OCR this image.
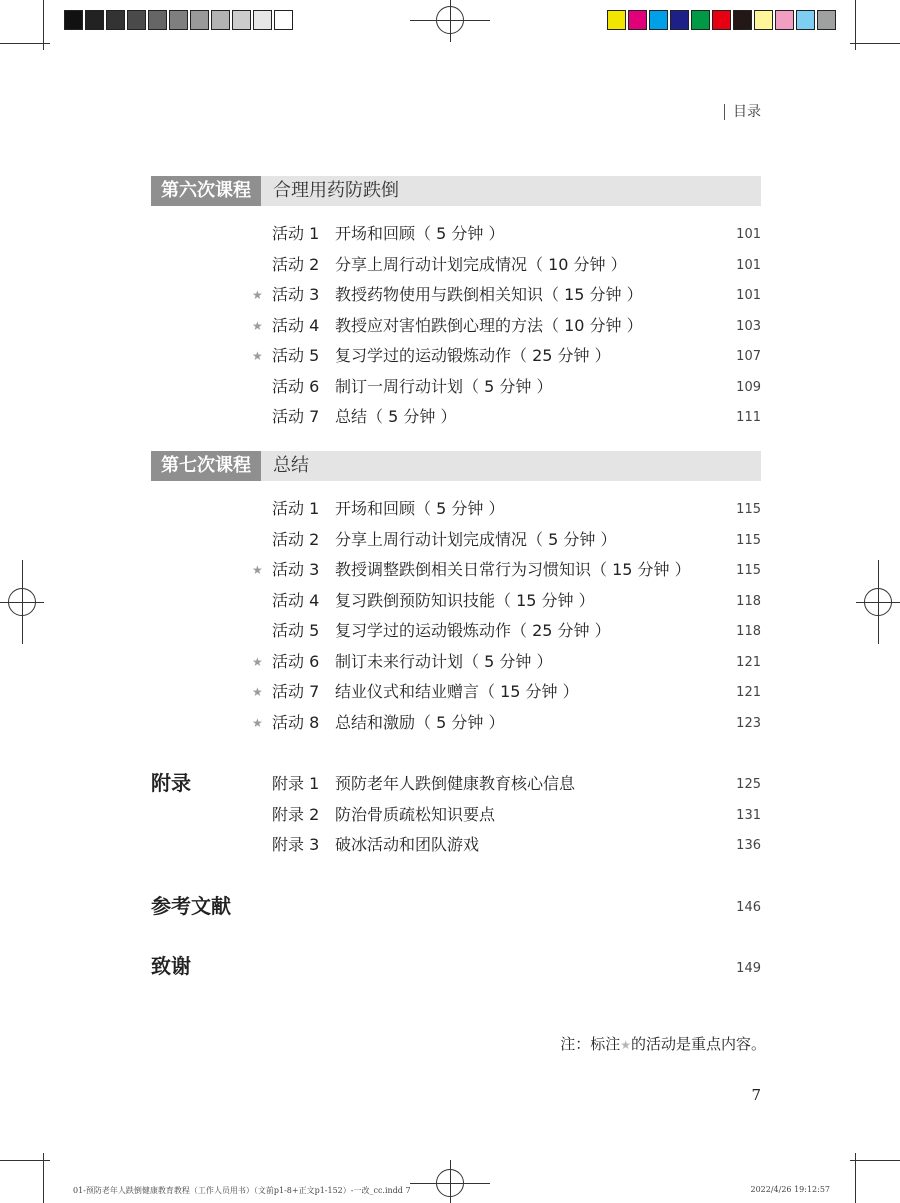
目录
第六次课程	合理用药防跌倒
活动 1 开场和回顾（ 5 分钟 ）	101
活动 2 分享上周行动计划完成情况（ 10 分钟 ）	101
★ 活动 3 教授药物使用与跌倒相关知识（ 15 分钟 ）	101
★ 活动 4 教授应对害怕跌倒心理的方法（ 10 分钟 ）	103
★ 活动 5 复习学过的运动锻炼动作（ 25 分钟 ）	107
活动 6 制订一周行动计划（ 5 分钟 ）	109
活动 7 总结（ 5 分钟 ）	111
第七次课程	总结
活动 1 开场和回顾（ 5 分钟 ）	115
活动 2 分享上周行动计划完成情况（ 5 分钟 ）	115
★ 活动 3 教授调整跌倒相关日常行为习惯知识（ 15 分钟 ）	115
活动 4 复习跌倒预防知识技能（ 15 分钟 ）	118
活动 5 复习学过的运动锻炼动作（ 25 分钟 ）	118
★ 活动 6 制订未来行动计划（ 5 分钟 ）	121
★ 活动 7 结业仪式和结业赠言（ 15 分钟 ）	121
★ 活动 8 总结和激励（ 5 分钟 ）	123
附录	附录 1 预防老年人跌倒健康教育核心信息	125
附录 2 防治骨质疏松知识要点	131
附录 3 破冰活动和团队游戏	136
参考文献	146
致谢	149
注：标注★的活动是重点内容。
7
01-预防老年人跌倒健康教育教程（工作人员用书）（文前p1-8+正文p1-152）-一改_cc.indd 7	2022/4/26 19:12:57
